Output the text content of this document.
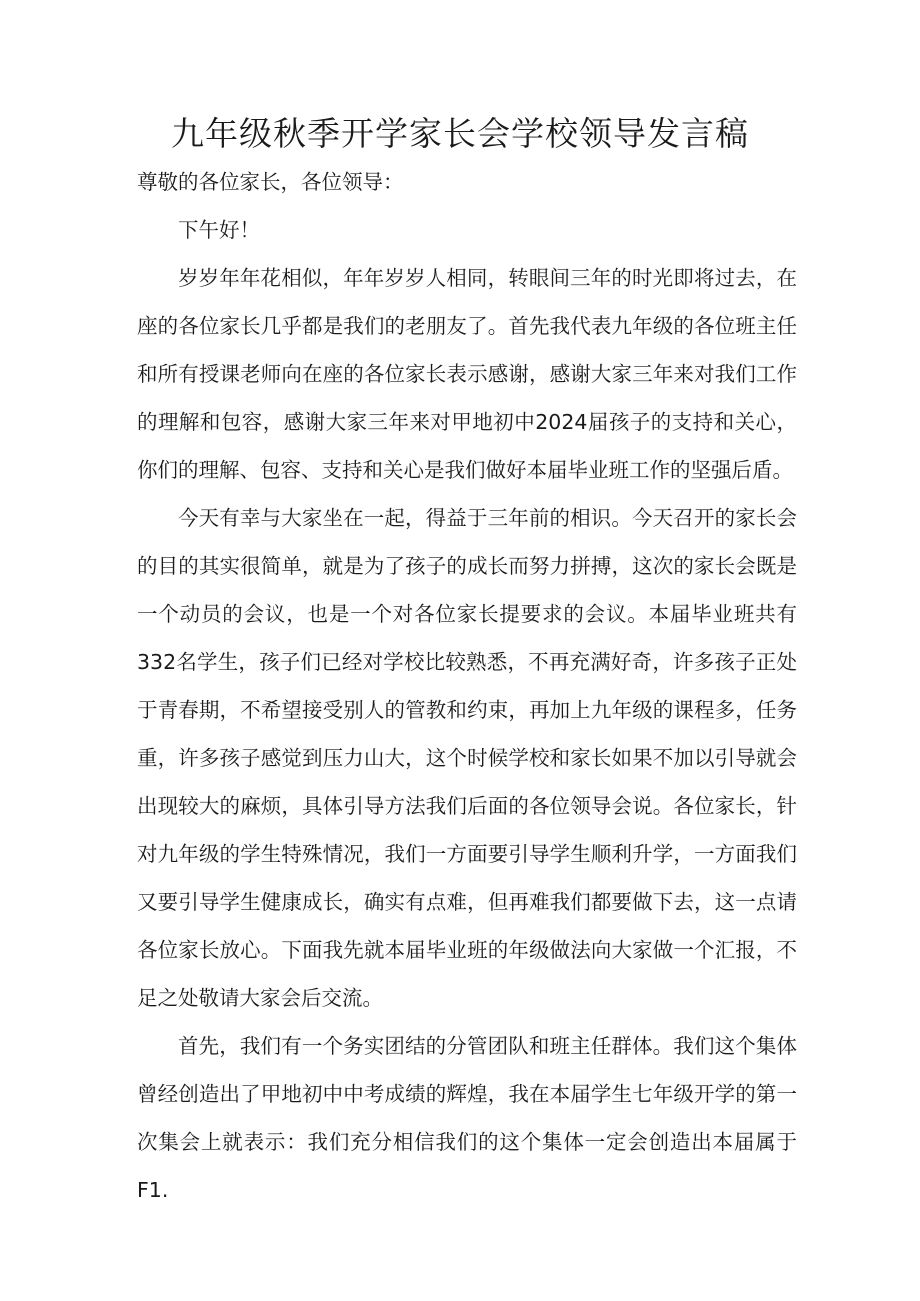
九年级秋季开学家长会学校领导发言稿

尊敬的各位家长，各位领导：

下午好！

岁岁年年花相似，年年岁岁人相同，转眼间三年的时光即将过去，在座的各位家长几乎都是我们的老朋友了。首先我代表九年级的各位班主任和所有授课老师向在座的各位家长表示感谢，感谢大家三年来对我们工作的理解和包容，感谢大家三年来对甲地初中2024届孩子的支持和关心，你们的理解、包容、支持和关心是我们做好本届毕业班工作的坚强后盾。

今天有幸与大家坐在一起，得益于三年前的相识。今天召开的家长会的目的其实很简单，就是为了孩子的成长而努力拼搏，这次的家长会既是一个动员的会议，也是一个对各位家长提要求的会议。本届毕业班共有332名学生，孩子们已经对学校比较熟悉，不再充满好奇，许多孩子正处于青春期，不希望接受别人的管教和约束，再加上九年级的课程多，任务重，许多孩子感觉到压力山大，这个时候学校和家长如果不加以引导就会出现较大的麻烦，具体引导方法我们后面的各位领导会说。各位家长，针对九年级的学生特殊情况，我们一方面要引导学生顺利升学，一方面我们又要引导学生健康成长，确实有点难，但再难我们都要做下去，这一点请各位家长放心。下面我先就本届毕业班的年级做法向大家做一个汇报，不足之处敬请大家会后交流。

首先，我们有一个务实团结的分管团队和班主任群体。我们这个集体曾经创造出了甲地初中中考成绩的辉煌，我在本届学生七年级开学的第一次集会上就表示：我们充分相信我们的这个集体一定会创造出本届属于F1.
